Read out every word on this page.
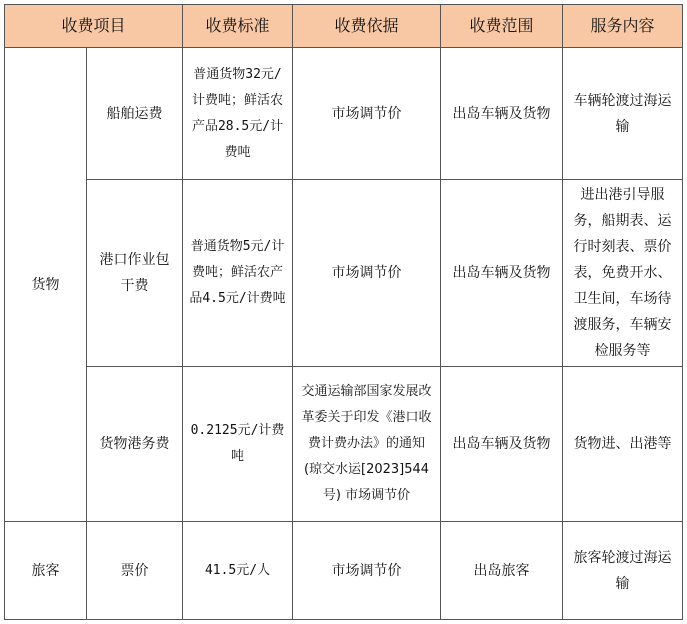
收费项目		收费标准	收费依据	收费范围	服务内容
货物	船舶运费	普通货物32元/计费吨；鲜活农产品28.5元/计费吨	市场调节价	出岛车辆及货物	车辆轮渡过海运输
	港口作业包干费	普通货物5元/计费吨；鲜活农产品4.5元/计费吨	市场调节价	出岛车辆及货物	进出港引导服务，船期表、运行时刻表、票价表，免费开水、卫生间，车场待渡服务，车辆安检服务等
	货物港务费	0.2125元/计费吨	交通运输部国家发展改革委关于印发《港口收费计费办法》的通知(琼交水运[2023]544号) 市场调节价	出岛车辆及货物	货物进、出港等
旅客	票价	41.5元/人	市场调节价	出岛旅客	旅客轮渡过海运输
